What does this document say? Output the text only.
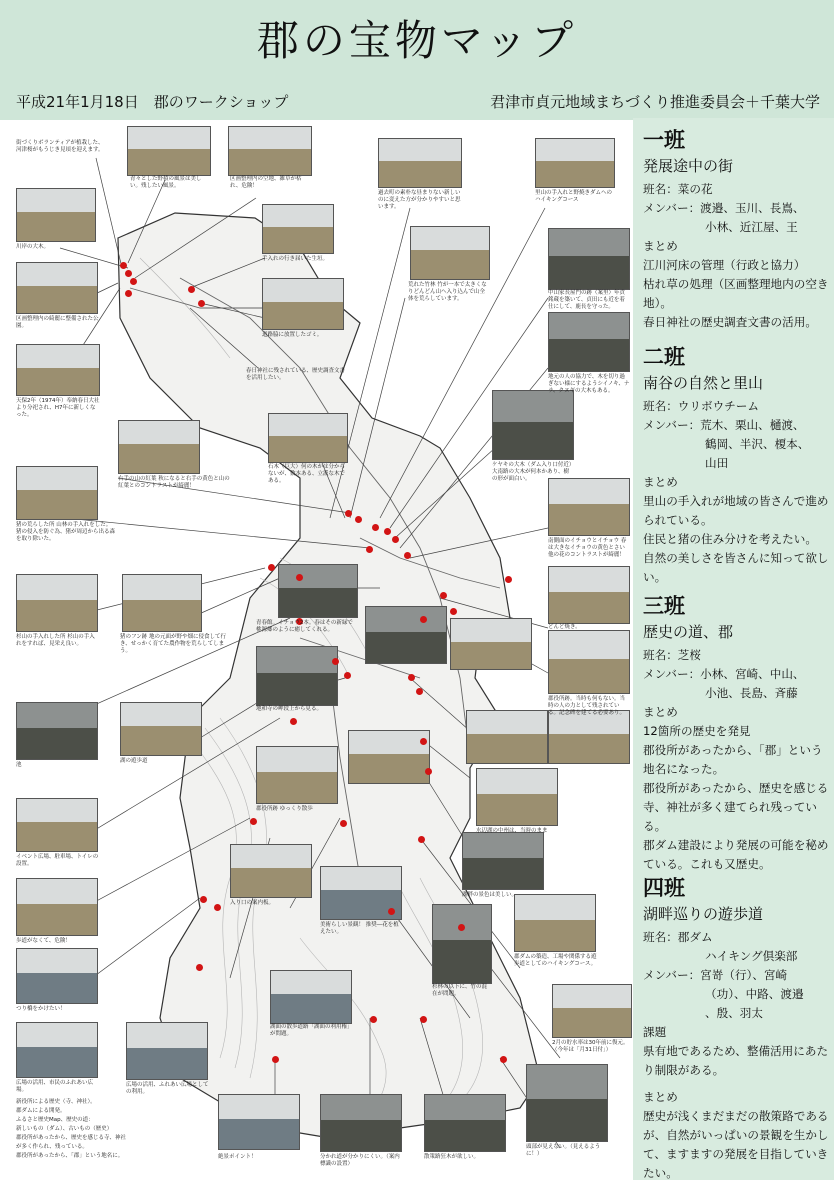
郡の宝物マップ
平成21年1月18日　郡のワークショップ	君津市貞元地域まちづくり推進委員会＋千葉大学
一班
発展途中の街
班名：菜の花
メンバー：渡邉、玉川、長嶌、
小林、近江屋、王
まとめ
江川河床の管理（行政と協力）
枯れ草の処理（区画整理地内の空き地）。
春日神社の歴史調査文書の活用。
二班
南谷の自然と里山
班名：ウリボウチーム
メンバー：荒木、栗山、樋渡、
鶴岡、半沢、榎本、
山田
まとめ
里山の手入れが地域の皆さんで進められている。
住民と猪の住み分けを考えたい。
自然の美しさを皆さんに知って欲しい。
三班
歴史の道、郡
班名：芝桜
メンバー：小林、宮崎、中山、
小池、長島、斉藤
まとめ
12箇所の歴史を発見
郡役所があったから、「郡」という地名になった。
郡役所があったから、歴史を感じる寺、神社が多く建てられ残っている。
郡ダム建設により発展の可能を秘めている。これも又歴史。
四班
湖畔巡りの遊歩道
班名：郡ダム
ハイキング倶楽部
メンバー：宮嵜（行）、宮崎
（功）、中路、渡邉
、殷、羽太
課題
県有地であるため、整備活用にあたり制限がある。
まとめ
歴史が浅くまだまだの散策路であるが、自然がいっぱいの景観を生かして、ますますの発展を目指していきたい。
街づくりボランティアが植栽した、河津桜がもうじき見頃を迎えます。
青々とした野積の風景は美しい。残したい風景。
区画整理内の空地、雑草が枯れ、危険！
過去町の素朴な昼まりない新しいのに変えた方が分かりやすいと思います。
里山の手入れと野焼きダムへのハイキングコース
川岸の大木。
手入れの行き届いた生垣。
区画整理内の綺麗に整備された公園。
道路脇に放置したゴミ。
荒れた竹林 竹が一本で太きくなりどんどん山へ入り込んで山全体を荒らしています。
中山家長屋門の跡（案里）年貢銘蔵を築いて、貞田にも近を着仕にして、鹿長を守った。
春日神社に残されている、歴史調査文書を活用したい。
天保2年（1974年）奉納春日大社より分祀され、H7年に新しくなった。
地元の人の協力で、木を切り過ぎない様にするようシイノキ、ナラ、クヌギの大木もある。
石木（巨大）何の木かは分からないが、数本ある、立派な木である。
ケヤキの大木（ダム入り口付近）大南路の大木が何本かあり、樹の形が面白い。
右手の山の紅葉 秋になると右手の黄色と山の紅葉とのコントラストが綺麗！
猪の荒らした所 山林の手入れをした。猪の侵入を防ぐ為、猪が周辺から出る森を取り除いた。	南側面のイチョウとイチョウ 春は大きなイチョウの黄色とさい他の花のコントラストが綺麗！
杉山の手入れした所 杉山の手入れをすれば、見栄え良い。
猪のフン跡 地の元面が野や畑に侵食して行き、せっかく育てた農作物を荒らしてしまう。
青春館。イチョウ2本。春はその新緑で桃源郷のように癒してくれる。	どんど焼き。
郡役所跡。当時も何もない。当時の人の力として残されている。記念碑を建てる必要あり。
池
湖の遊歩道
地和寺の岬段上から見る。
水辺湖の中州は、当時のまま
郡役所跡 ゆっくり散歩
イベント広場、駐車場、トイレの設置。
入り口の案内板。
湖畔の景色は美しい。
歩道がなくて、危険！
美術らしい景観！ 推奨―花を植えたい。
郡ダムの築造、工場や関係する遊歩道としてのハイキングコース。
つり橋をかけたい！
湖面の散歩道路「湖面の利用権」が問題。
杉林の以下に、竹の混在が問題。
広場の活用、市民のふれあい広場。
広場の活用、ふれあい広場としての利用。
2月の貯水率は30年前に復元。（今年は「月31日付」）
絶景ポイント！	分かれ道が分かりにくい。（案内標識の設置）
散策路狂木が欲しい。
頭部が見えない。（見えるように！）
新役所による歴史（寺、神社）。
郡ダムによる開発。
ふるさと歴史Map、歴史の道：
新しいもの（ダム）、古いもの（歴史）
郡役所があったから、歴史を感じる寺、神社が多く作られ、残っている。
郡役所があったから、「郡」という地名に。
